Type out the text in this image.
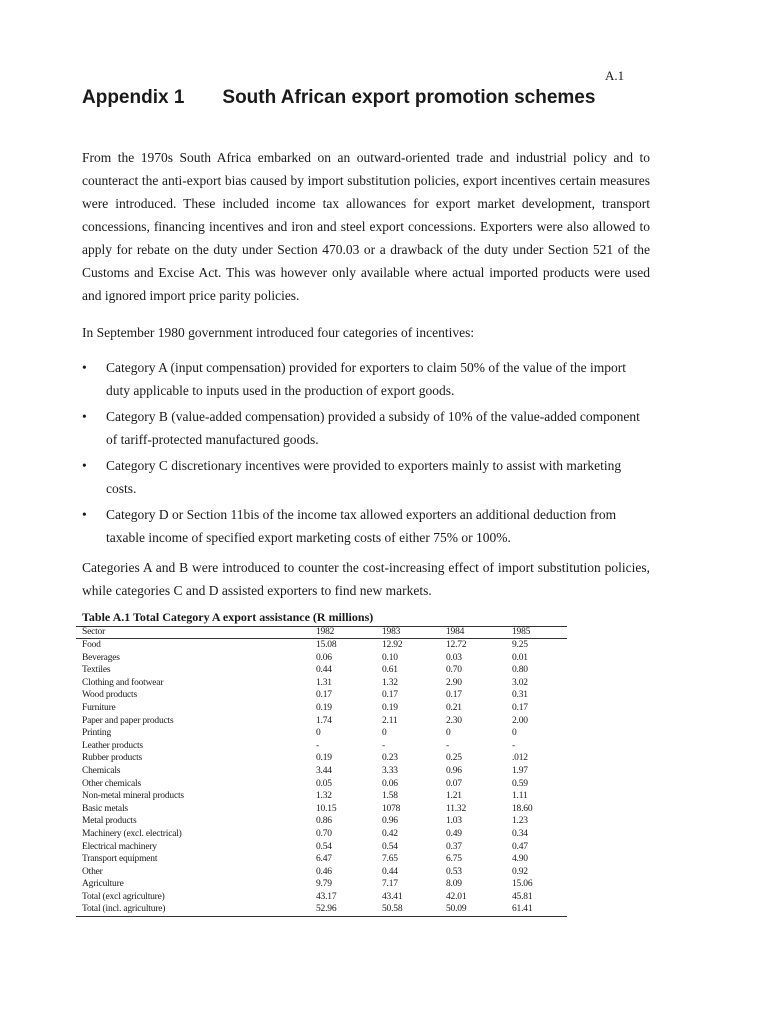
A.1
Appendix 1 South African export promotion schemes

From the 1970s South Africa embarked on an outward-oriented trade and industrial policy and to counteract the anti-export bias caused by import substitution policies, export incentives certain measures were introduced. These included income tax allowances for export market development, transport concessions, financing incentives and iron and steel export concessions. Exporters were also allowed to apply for rebate on the duty under Section 470.03 or a drawback of the duty under Section 521 of the Customs and Excise Act. This was however only available where actual imported products were used and ignored import price parity policies.

In September 1980 government introduced four categories of incentives:

• Category A (input compensation) provided for exporters to claim 50% of the value of the import duty applicable to inputs used in the production of export goods.
• Category B (value-added compensation) provided a subsidy of 10% of the value-added component of tariff-protected manufactured goods.
• Category C discretionary incentives were provided to exporters mainly to assist with marketing costs.
• Category D or Section 11bis of the income tax allowed exporters an additional deduction from taxable income of specified export marketing costs of either 75% or 100%.

Categories A and B were introduced to counter the cost-increasing effect of import substitution policies, while categories C and D assisted exporters to find new markets.

Table A.1 Total Category A export assistance (R millions)

Sector	1982	1983	1984	1985
Food	15.08	12.92	12.72	9.25
Beverages	0.06	0.10	0.03	0.01
Textiles	0.44	0.61	0.70	0.80
Clothing and footwear	1.31	1.32	2.90	3.02
Wood products	0.17	0.17	0.17	0.31
Furniture	0.19	0.19	0.21	0.17
Paper and paper products	1.74	2.11	2.30	2.00
Printing	0	0	0	0
Leather products	-	-	-	-
Rubber products	0.19	0.23	0.25	.012
Chemicals	3.44	3.33	0.96	1.97
Other chemicals	0.05	0.06	0.07	0.59
Non-metal mineral products	1.32	1.58	1.21	1.11
Basic metals	10.15	1078	11.32	18.60
Metal products	0.86	0.96	1.03	1.23
Machinery (excl. electrical)	0.70	0.42	0.49	0.34
Electrical machinery	0.54	0.54	0.37	0.47
Transport equipment	6.47	7.65	6.75	4.90
Other	0.46	0.44	0.53	0.92
Agriculture	9.79	7.17	8.09	15.06
Total (excl agriculture)	43.17	43.41	42.01	45.81
Total (incl. agriculture)	52.96	50.58	50.09	61.41
